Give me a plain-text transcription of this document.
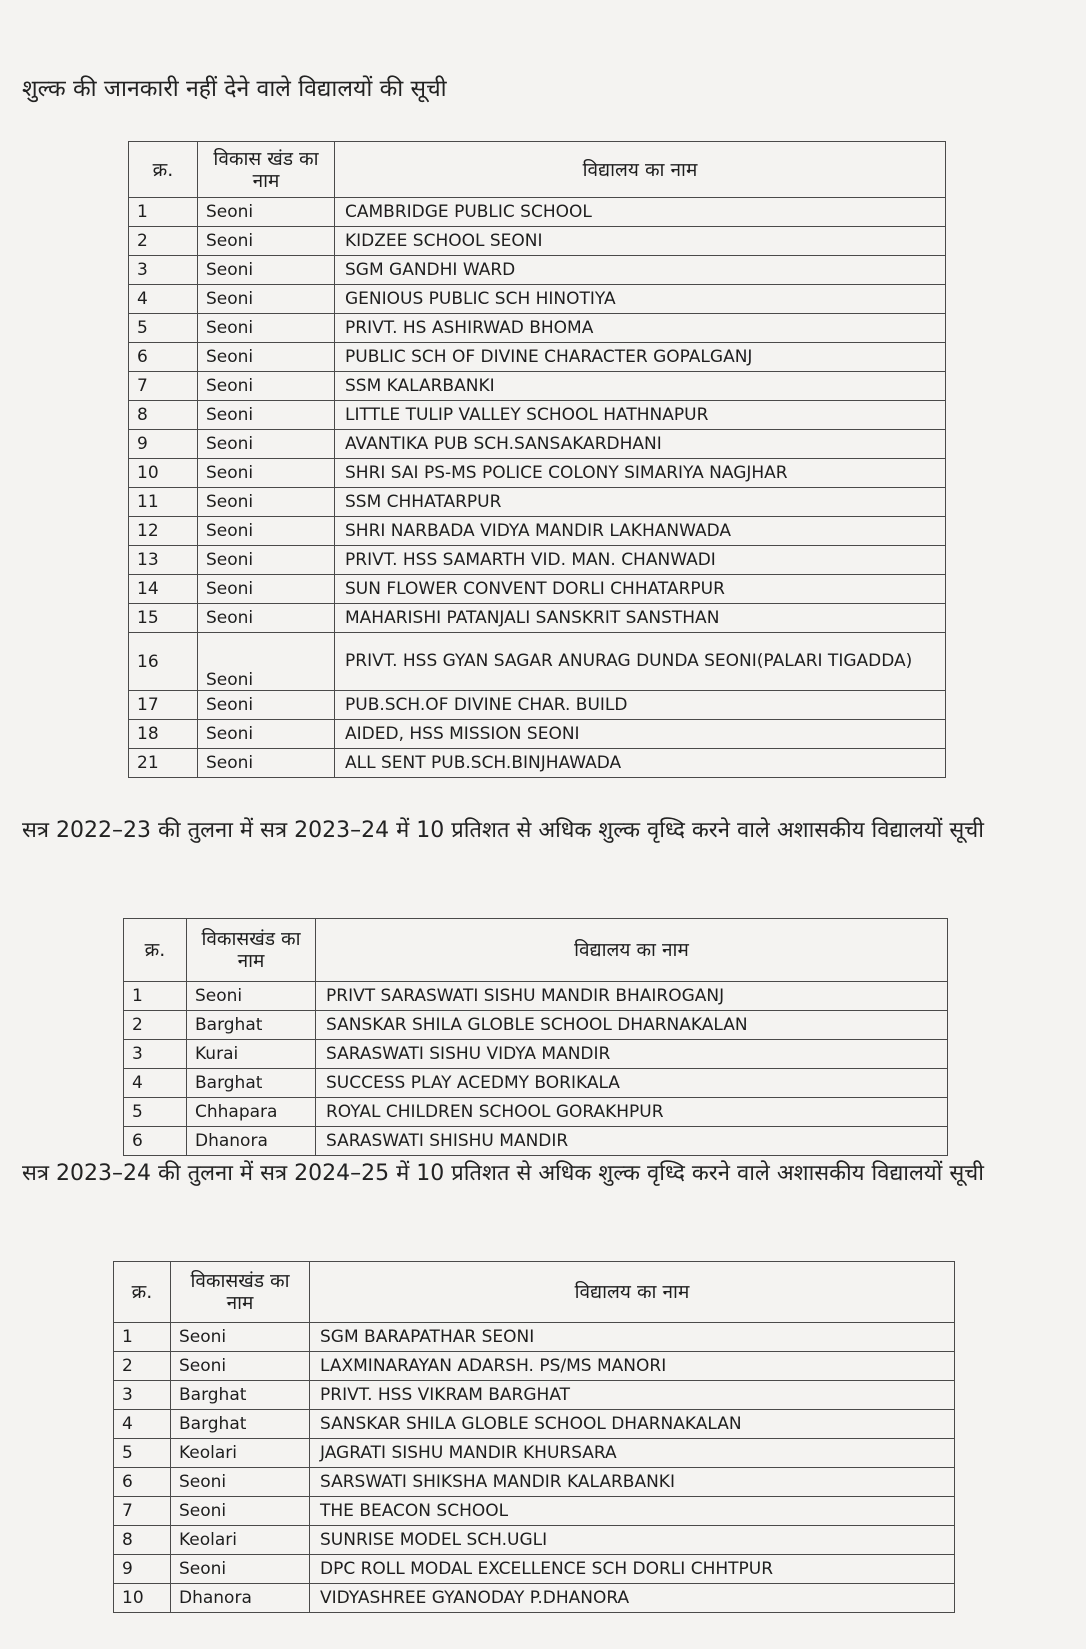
शुल्क की जानकारी नहीं देने वाले विद्यालयों की सूची
क्र.	विकास खंड का नाम	विद्यालय का नाम
1	Seoni	CAMBRIDGE PUBLIC SCHOOL
2	Seoni	KIDZEE SCHOOL SEONI
3	Seoni	SGM GANDHI WARD
4	Seoni	GENIOUS PUBLIC SCH HINOTIYA
5	Seoni	PRIVT. HS ASHIRWAD BHOMA
6	Seoni	PUBLIC SCH OF DIVINE CHARACTER GOPALGANJ
7	Seoni	SSM KALARBANKI
8	Seoni	LITTLE TULIP VALLEY SCHOOL HATHNAPUR
9	Seoni	AVANTIKA PUB SCH.SANSAKARDHANI
10	Seoni	SHRI SAI PS-MS POLICE COLONY SIMARIYA NAGJHAR
11	Seoni	SSM CHHATARPUR
12	Seoni	SHRI NARBADA VIDYA MANDIR LAKHANWADA
13	Seoni	PRIVT. HSS SAMARTH VID. MAN. CHANWADI
14	Seoni	SUN FLOWER CONVENT DORLI CHHATARPUR
15	Seoni	MAHARISHI PATANJALI SANSKRIT SANSTHAN
16	Seoni	PRIVT. HSS GYAN SAGAR ANURAG DUNDA SEONI(PALARI TIGADDA)
17	Seoni	PUB.SCH.OF DIVINE CHAR. BUILD
18	Seoni	AIDED, HSS MISSION SEONI
21	Seoni	ALL SENT PUB.SCH.BINJHAWADA
सत्र 2022–23 की तुलना में सत्र 2023–24 में 10 प्रतिशत से अधिक शुल्क वृध्दि करने वाले अशासकीय विद्यालयों सूची
क्र.	विकासखंड का नाम	विद्यालय का नाम
1	Seoni	PRIVT SARASWATI SISHU MANDIR BHAIROGANJ
2	Barghat	SANSKAR SHILA GLOBLE SCHOOL DHARNAKALAN
3	Kurai	SARASWATI SISHU VIDYA MANDIR
4	Barghat	SUCCESS PLAY ACEDMY BORIKALA
5	Chhapara	ROYAL CHILDREN SCHOOL GORAKHPUR
6	Dhanora	SARASWATI SHISHU MANDIR
सत्र 2023–24 की तुलना में सत्र 2024–25 में 10 प्रतिशत से अधिक शुल्क वृध्दि करने वाले अशासकीय विद्यालयों सूची
क्र.	विकासखंड का नाम	विद्यालय का नाम
1	Seoni	SGM BARAPATHAR SEONI
2	Seoni	LAXMINARAYAN ADARSH. PS/MS MANORI
3	Barghat	PRIVT. HSS VIKRAM BARGHAT
4	Barghat	SANSKAR SHILA GLOBLE SCHOOL DHARNAKALAN
5	Keolari	JAGRATI SISHU MANDIR KHURSARA
6	Seoni	SARSWATI SHIKSHA MANDIR KALARBANKI
7	Seoni	THE BEACON SCHOOL
8	Keolari	SUNRISE MODEL SCH.UGLI
9	Seoni	DPC ROLL MODAL EXCELLENCE SCH DORLI CHHTPUR
10	Dhanora	VIDYASHREE GYANODAY P.DHANORA
